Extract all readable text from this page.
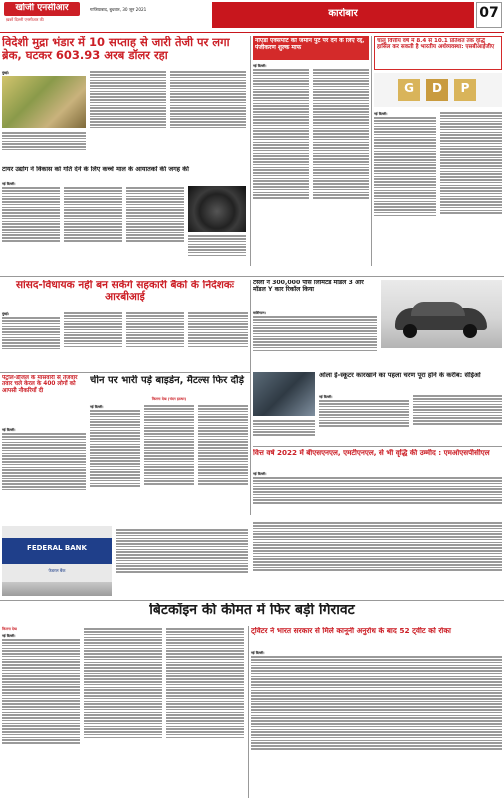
खोजी एनसीआर
ख़बरें दिल्ली एनसीआर की
गाजियाबाद, बुधवार, 30 जून 2021	कारोबार	07
विदेशी मुद्रा भंडार में 10 सप्ताह से जारी तेजी पर लगा ब्रेक, घटकर 603.93 अरब डॉलर रहा
मुंबई।
टायर उद्योग ने विकास को गति देने के लिए कच्चे माल के आयातकों की जगह की
नई दिल्ली।
नोएडा एक्सपोर्ट की जमीन पुर्ट पर देने के लिए रद्द, पंजीकरण शुल्क माफ
नई दिल्ली।
चालू वित्तीय वर्ष में 8.4 से 10.1 प्रतिशत तक वृद्धि हासिल कर सकती है भारतीय अर्थव्यवस्था: एसबीआईजीए
G	D	P
नई दिल्ली।
सांसद-विधायक नहीं बन सकेंगे सहकारी बैंकों के निदेशकः आरबीआई
मुंबई।
टेस्ला ने 300,000 पीस लिमिटेड मॉडल 3 और मॉडल Y कार रिकॉल किया
वाशिंगटन।
ओला ई-स्कूटर कारखाने का पहला चरण पूरा होने के करीब: सीईओ
नई दिल्ली।
वित्त वर्ष 2022 में बीएसएनएल, एमटीएनएल, से भी वृद्धि की उम्मीद : एमओएसपीसीएल
नई दिल्ली।
पेट्रोल-डीजल के मासवारी से तेजवार तवार चले केरल के 400 लोगों को आपसी नौकरियाँ दी
नई दिल्ली।
चीन पर भारी पड़े बाइडेन, मैटल्स फिर दौड़े
कितना देख (चंदन हठधर)
नई दिल्ली।
FEDERAL BANK
फेडरल बैंक
बिटकॉइन की कीमत में फिर बड़ी गिरावट
कितना देख
नई दिल्ली।
ट्विटर ने भारत सरकार से मिले कानूनी अनुरोध के बाद 52 ट्वीट को रोका
नई दिल्ली।
